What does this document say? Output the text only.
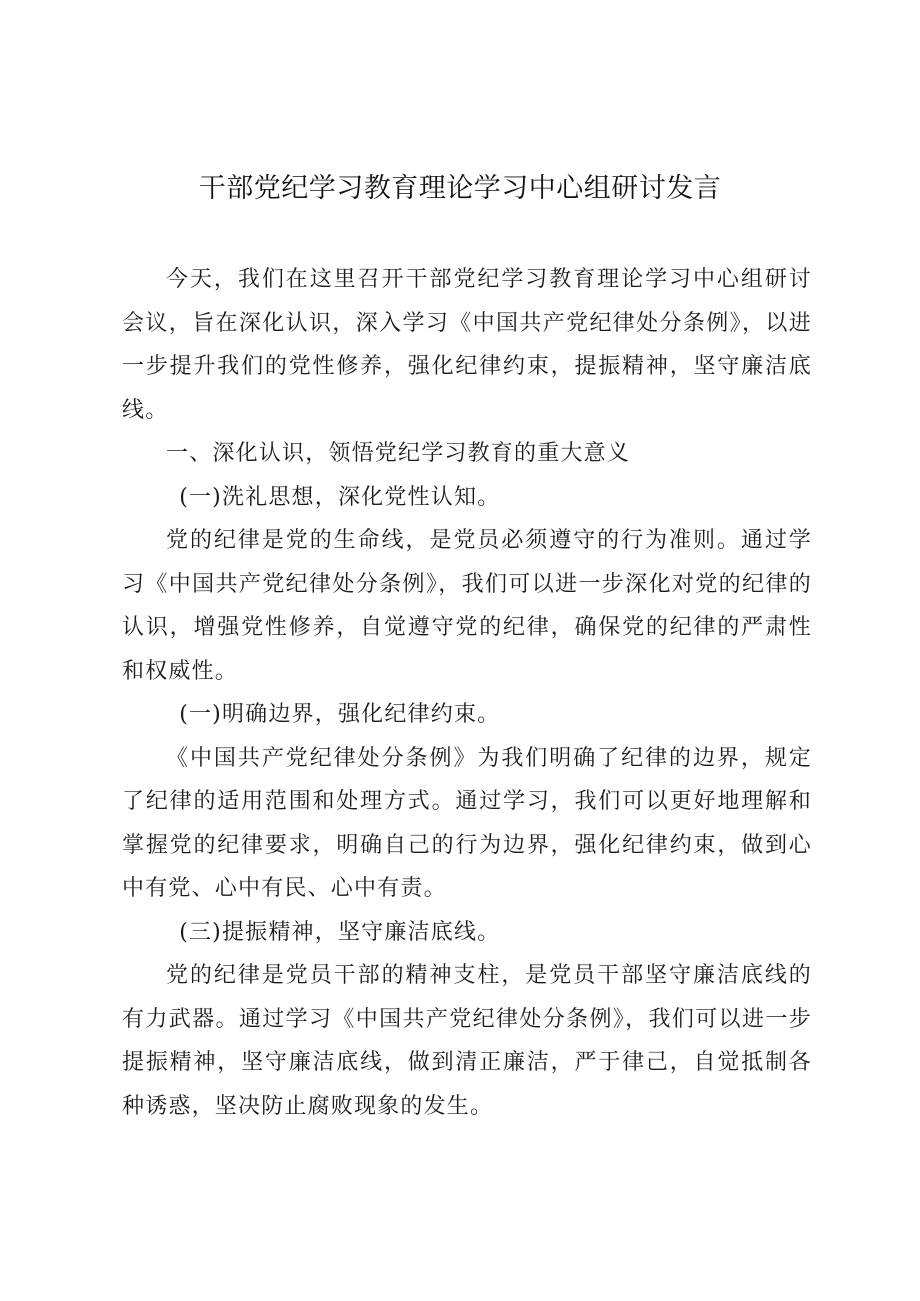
干部党纪学习教育理论学习中心组研讨发言

今天，我们在这里召开干部党纪学习教育理论学习中心组研讨会议，旨在深化认识，深入学习《中国共产党纪律处分条例》，以进一步提升我们的党性修养，强化纪律约束，提振精神，坚守廉洁底线。

一、深化认识，领悟党纪学习教育的重大意义

(一)洗礼思想，深化党性认知。

党的纪律是党的生命线，是党员必须遵守的行为准则。通过学习《中国共产党纪律处分条例》，我们可以进一步深化对党的纪律的认识，增强党性修养，自觉遵守党的纪律，确保党的纪律的严肃性和权威性。

(一)明确边界，强化纪律约束。

《中国共产党纪律处分条例》为我们明确了纪律的边界，规定了纪律的适用范围和处理方式。通过学习，我们可以更好地理解和掌握党的纪律要求，明确自己的行为边界，强化纪律约束，做到心中有党、心中有民、心中有责。

(三)提振精神，坚守廉洁底线。

党的纪律是党员干部的精神支柱，是党员干部坚守廉洁底线的有力武器。通过学习《中国共产党纪律处分条例》，我们可以进一步提振精神，坚守廉洁底线，做到清正廉洁，严于律己，自觉抵制各种诱惑，坚决防止腐败现象的发生。
